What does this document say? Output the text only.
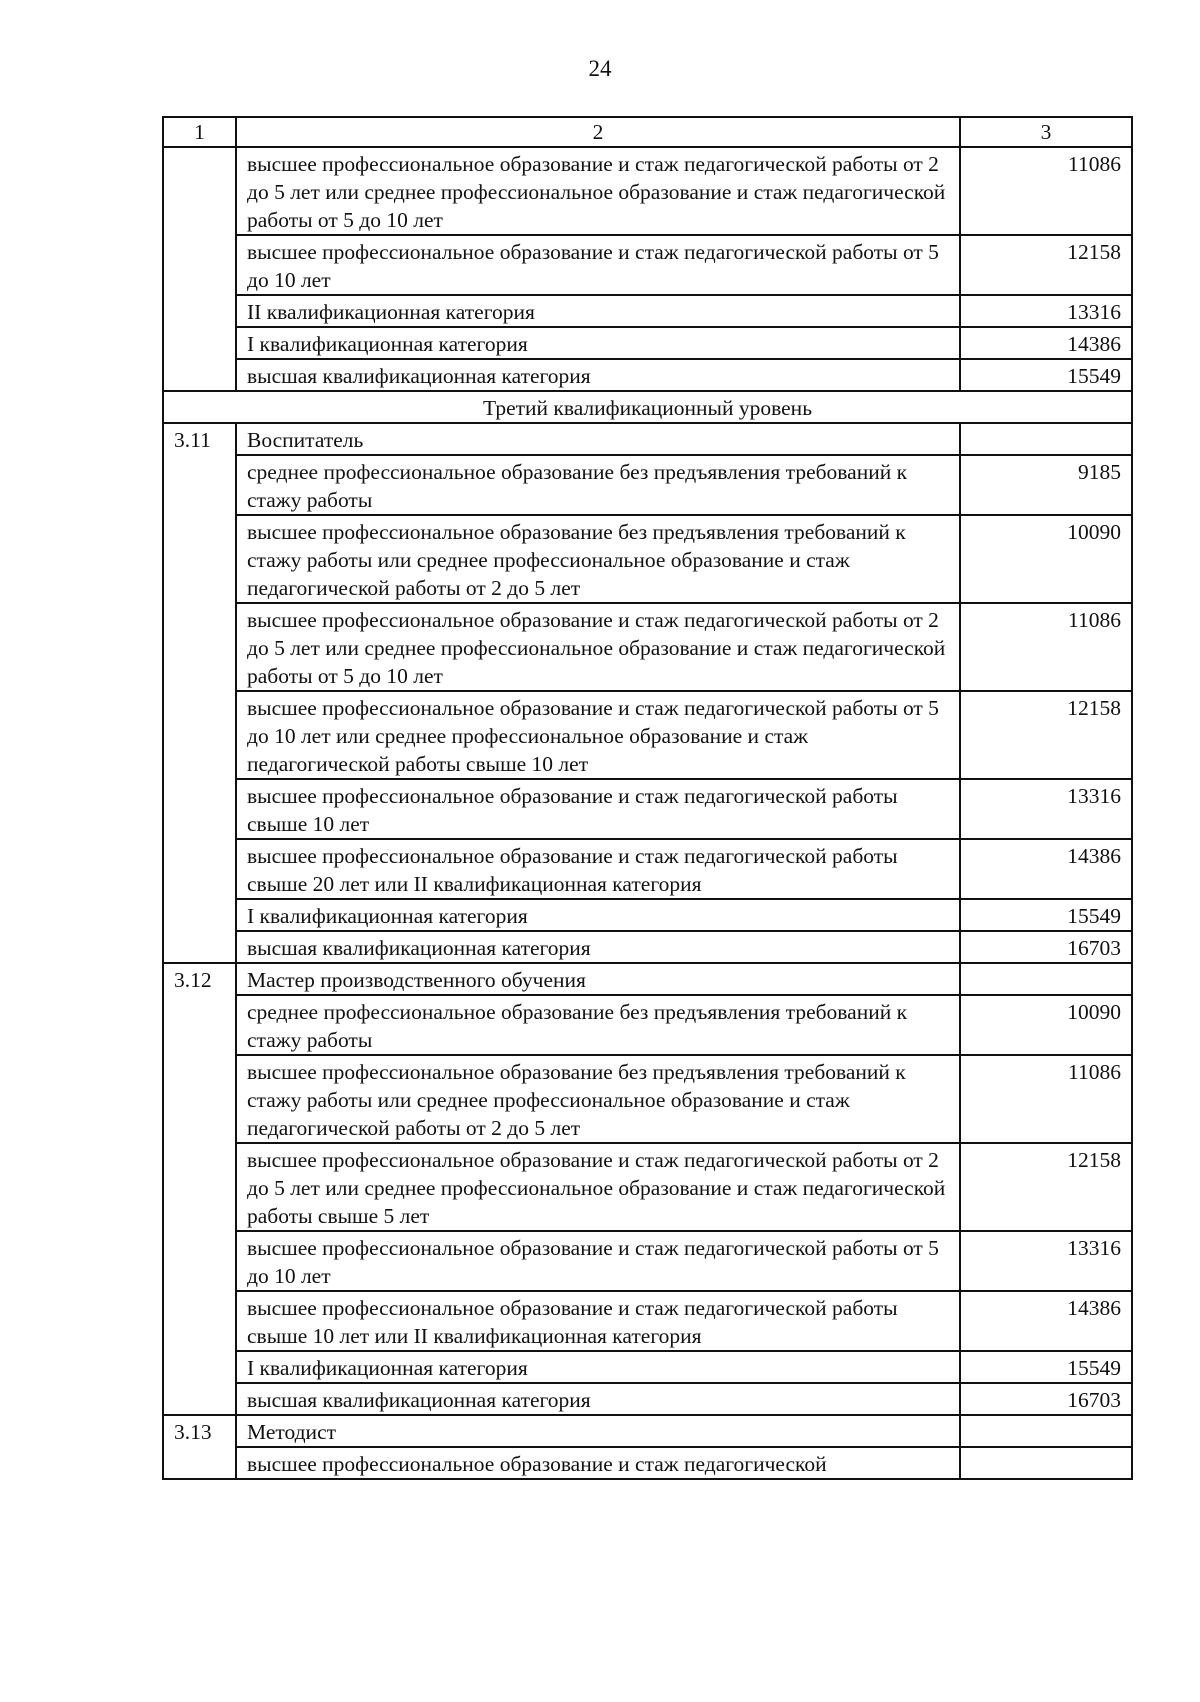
24
1	2	3
	высшее профессиональное образование и стаж педагогической работы от 2 до 5 лет или среднее профессиональное образование и стаж педагогической работы от 5 до 10 лет	11086
	высшее профессиональное образование и стаж педагогической работы от 5 до 10 лет	12158
	II квалификационная категория	13316
	I квалификационная категория	14386
	высшая квалификационная категория	15549
Третий квалификационный уровень		
3.11	Воспитатель	
	среднее профессиональное образование без предъявления требований к стажу работы	9185
	высшее профессиональное образование без предъявления требований к стажу работы или среднее профессиональное образование и стаж педагогической работы от 2 до 5 лет	10090
	высшее профессиональное образование и стаж педагогической работы от 2 до 5 лет или среднее профессиональное образование и стаж педагогической работы от 5 до 10 лет	11086
	высшее профессиональное образование и стаж педагогической работы от 5 до 10 лет или среднее профессиональное образование и стаж педагогической работы свыше 10 лет	12158
	высшее профессиональное образование и стаж педагогической работы свыше 10 лет	13316
	высшее профессиональное образование и стаж педагогической работы свыше 20 лет или II квалификационная категория	14386
	I квалификационная категория	15549
	высшая квалификационная категория	16703
3.12	Мастер производственного обучения	
	среднее профессиональное образование без предъявления требований к стажу работы	10090
	высшее профессиональное образование без предъявления требований к стажу работы или среднее профессиональное образование и стаж педагогической работы от 2 до 5 лет	11086
	высшее профессиональное образование и стаж педагогической работы от 2 до 5 лет или среднее профессиональное образование и стаж педагогической работы свыше 5 лет	12158
	высшее профессиональное образование и стаж педагогической работы от 5 до 10 лет	13316
	высшее профессиональное образование и стаж педагогической работы свыше 10 лет или II квалификационная категория	14386
	I квалификационная категория	15549
	высшая квалификационная категория	16703
3.13	Методист	
	высшее профессиональное образование и стаж педагогической	
